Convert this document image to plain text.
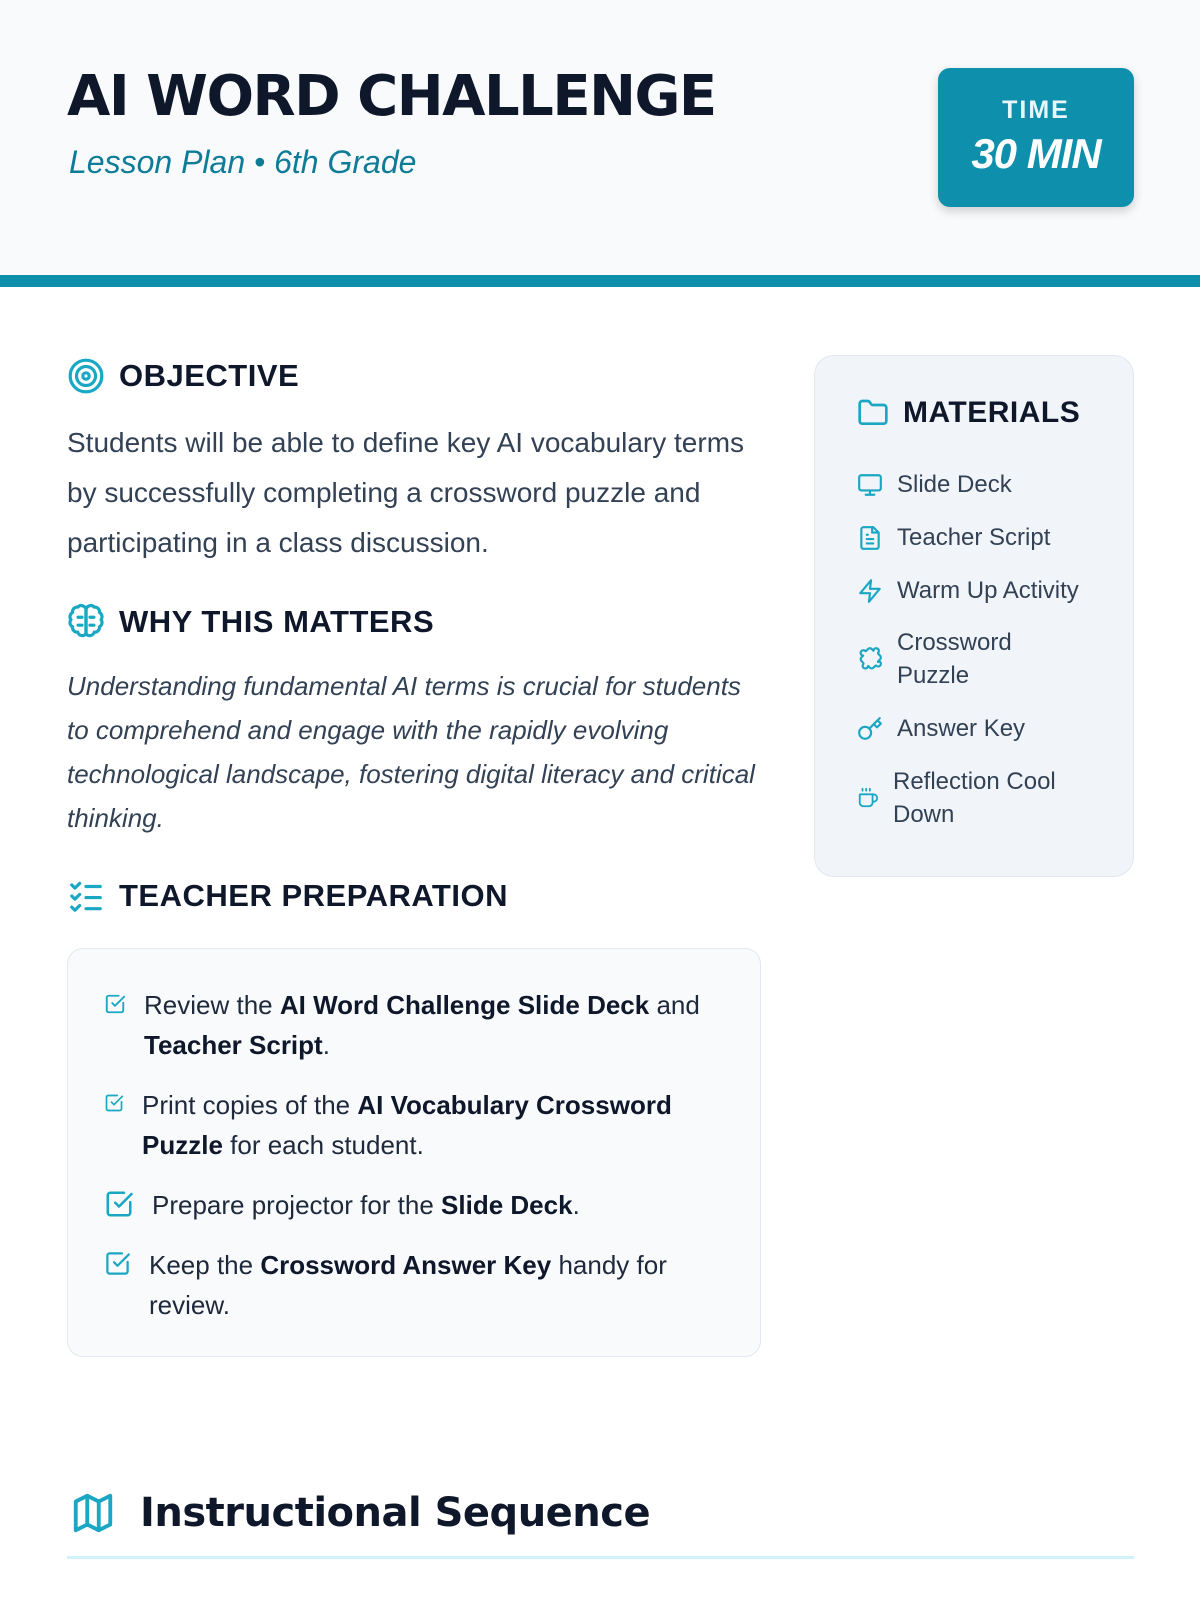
AI WORD CHALLENGE
Lesson Plan • 6th Grade
TIME
30 MIN
OBJECTIVE

Students will be able to define key AI vocabulary terms by successfully completing a crossword puzzle and participating in a class discussion.

WHY THIS MATTERS

Understanding fundamental AI terms is crucial for students to comprehend and engage with the rapidly evolving technological landscape, fostering digital literacy and critical thinking.

TEACHER PREPARATION

Review the AI Word Challenge Slide Deck and Teacher Script.

Print copies of the AI Vocabulary Crossword Puzzle for each student.

Prepare projector for the Slide Deck.

Keep the Crossword Answer Key handy for review.

MATERIALS
Slide Deck
Teacher Script
Warm Up Activity
Crossword Puzzle
Answer Key
Reflection Cool Down
Instructional Sequence
